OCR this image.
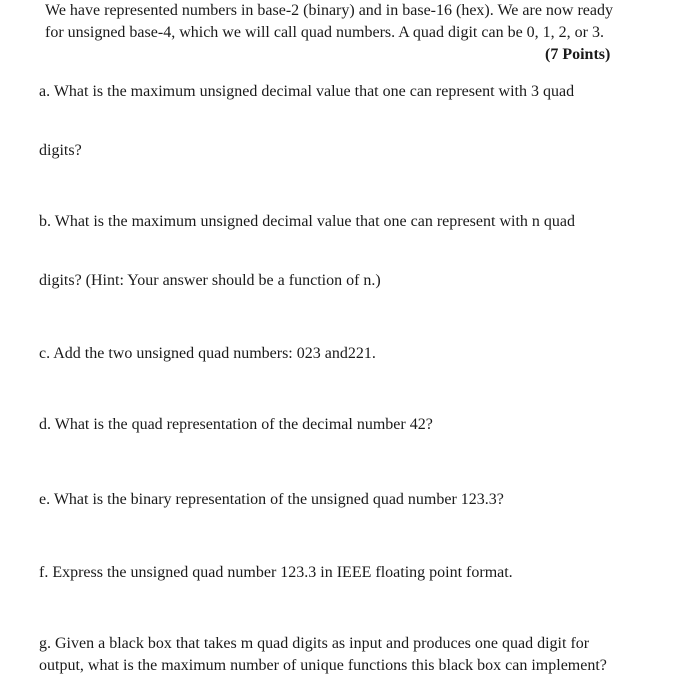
We have represented numbers in base-2 (binary) and in base-16 (hex). We are now ready
for unsigned base-4, which we will call quad numbers. A quad digit can be 0, 1, 2, or 3.
(7 Points)
a. What is the maximum unsigned decimal value that one can represent with 3 quad
digits?
b. What is the maximum unsigned decimal value that one can represent with n quad
digits? (Hint: Your answer should be a function of n.)
c. Add the two unsigned quad numbers: 023 and221.
d. What is the quad representation of the decimal number 42?
e. What is the binary representation of the unsigned quad number 123.3?
f. Express the unsigned quad number 123.3 in IEEE floating point format.
g. Given a black box that takes m quad digits as input and produces one quad digit for
output, what is the maximum number of unique functions this black box can implement?
